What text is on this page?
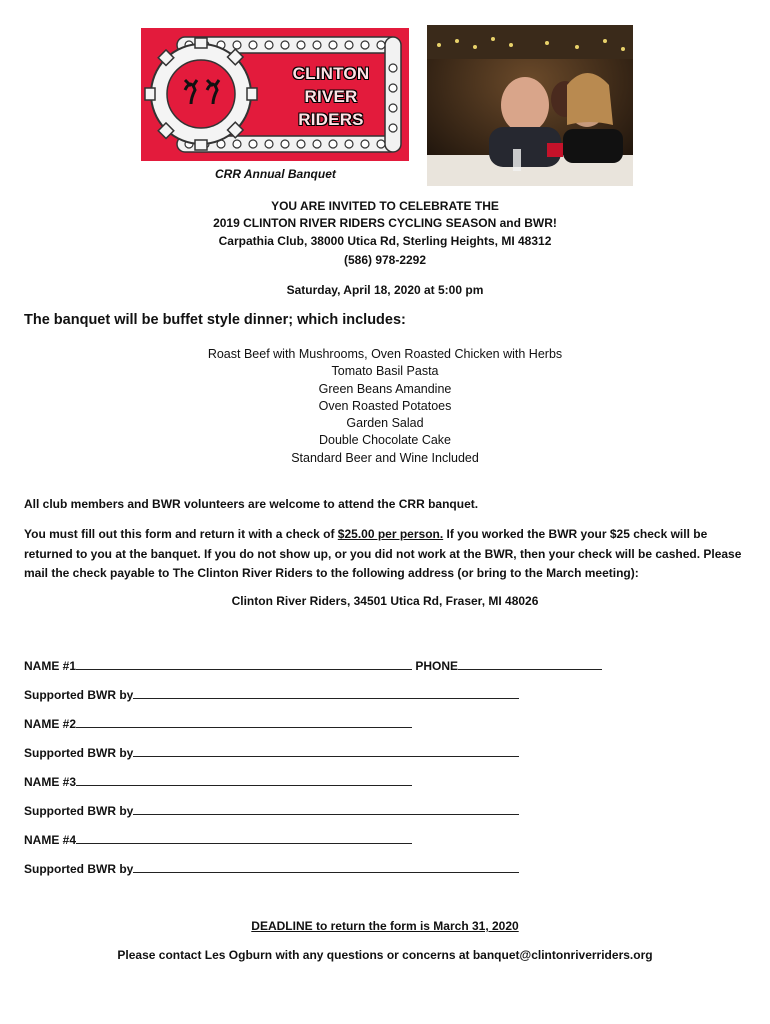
CLINTON
RIVER
RIDERS
CRR Annual Banquet
YOU ARE INVITED TO CELEBRATE THE
2019 CLINTON RIVER RIDERS CYCLING SEASON and BWR!
Carpathia Club, 38000 Utica Rd, Sterling Heights, MI 48312
(586) 978-2292
Saturday, April 18, 2020 at 5:00 pm
The banquet will be buffet style dinner; which includes:
Roast Beef with Mushrooms, Oven Roasted Chicken with Herbs
Tomato Basil Pasta
Green Beans Amandine
Oven Roasted Potatoes
Garden Salad
Double Chocolate Cake
Standard Beer and Wine Included
All club members and BWR volunteers are welcome to attend the CRR banquet.
You must fill out this form and return it with a check of $25.00 per person. If you worked the BWR your $25 check will be returned to you at the banquet. If you do not show up, or you did not work at the BWR, then your check will be cashed. Please mail the check payable to The Clinton River Riders to the following address (or bring to the March meeting):
Clinton River Riders, 34501 Utica Rd, Fraser, MI 48026
NAME #1	PHONE
Supported BWR by
NAME #2
Supported BWR by
NAME #3
Supported BWR by
NAME #4
Supported BWR by
DEADLINE to return the form is March 31, 2020
Please contact Les Ogburn with any questions or concerns at banquet@clintonriverriders.org
